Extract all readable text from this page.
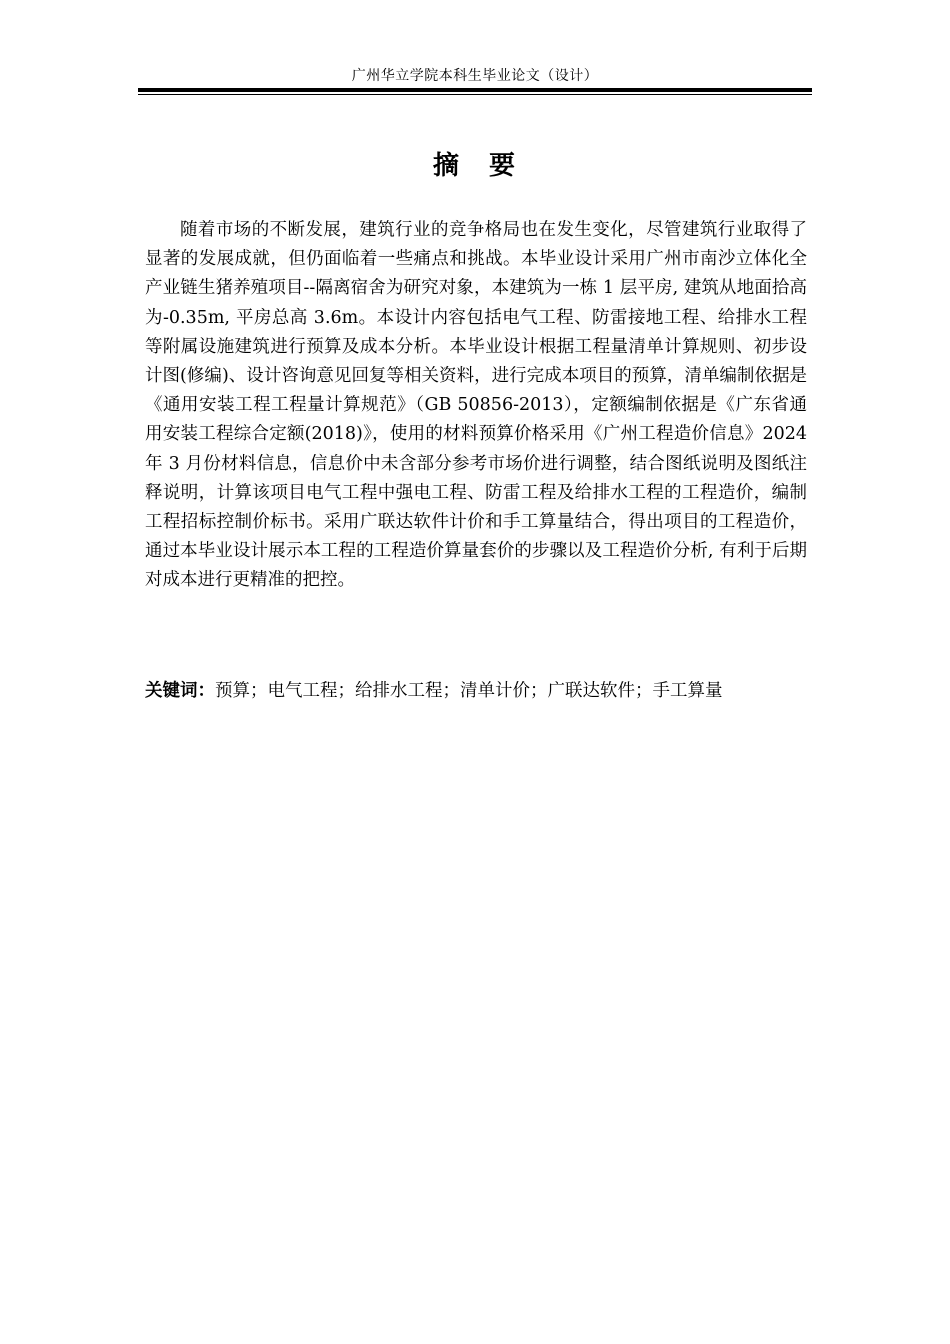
广州华立学院本科生毕业论文（设计）
摘　要

随着市场的不断发展，建筑行业的竞争格局也在发生变化，尽管建筑行业取得了显著的发展成就，但仍面临着一些痛点和挑战。本毕业设计采用广州市南沙立体化全产业链生猪养殖项目--隔离宿舍为研究对象，本建筑为一栋 1 层平房, 建筑从地面拾高为-0.35m, 平房总高 3.6m。本设计内容包括电气工程、防雷接地工程、给排水工程等附属设施建筑进行预算及成本分析。本毕业设计根据工程量清单计算规则、初步设计图(修编)、设计咨询意见回复等相关资料，进行完成本项目的预算，清单编制依据是《通用安装工程工程量计算规范》（GB 50856-2013），定额编制依据是《广东省通用安装工程综合定额(2018)》，使用的材料预算价格采用《广州工程造价信息》2024 年 3 月份材料信息，信息价中未含部分参考市场价进行调整，结合图纸说明及图纸注释说明，计算该项目电气工程中强电工程、防雷工程及给排水工程的工程造价，编制工程招标控制价标书。采用广联达软件计价和手工算量结合，得出项目的工程造价，通过本毕业设计展示本工程的工程造价算量套价的步骤以及工程造价分析, 有利于后期对成本进行更精准的把控。

关键词：预算；电气工程；给排水工程；清单计价；广联达软件；手工算量
